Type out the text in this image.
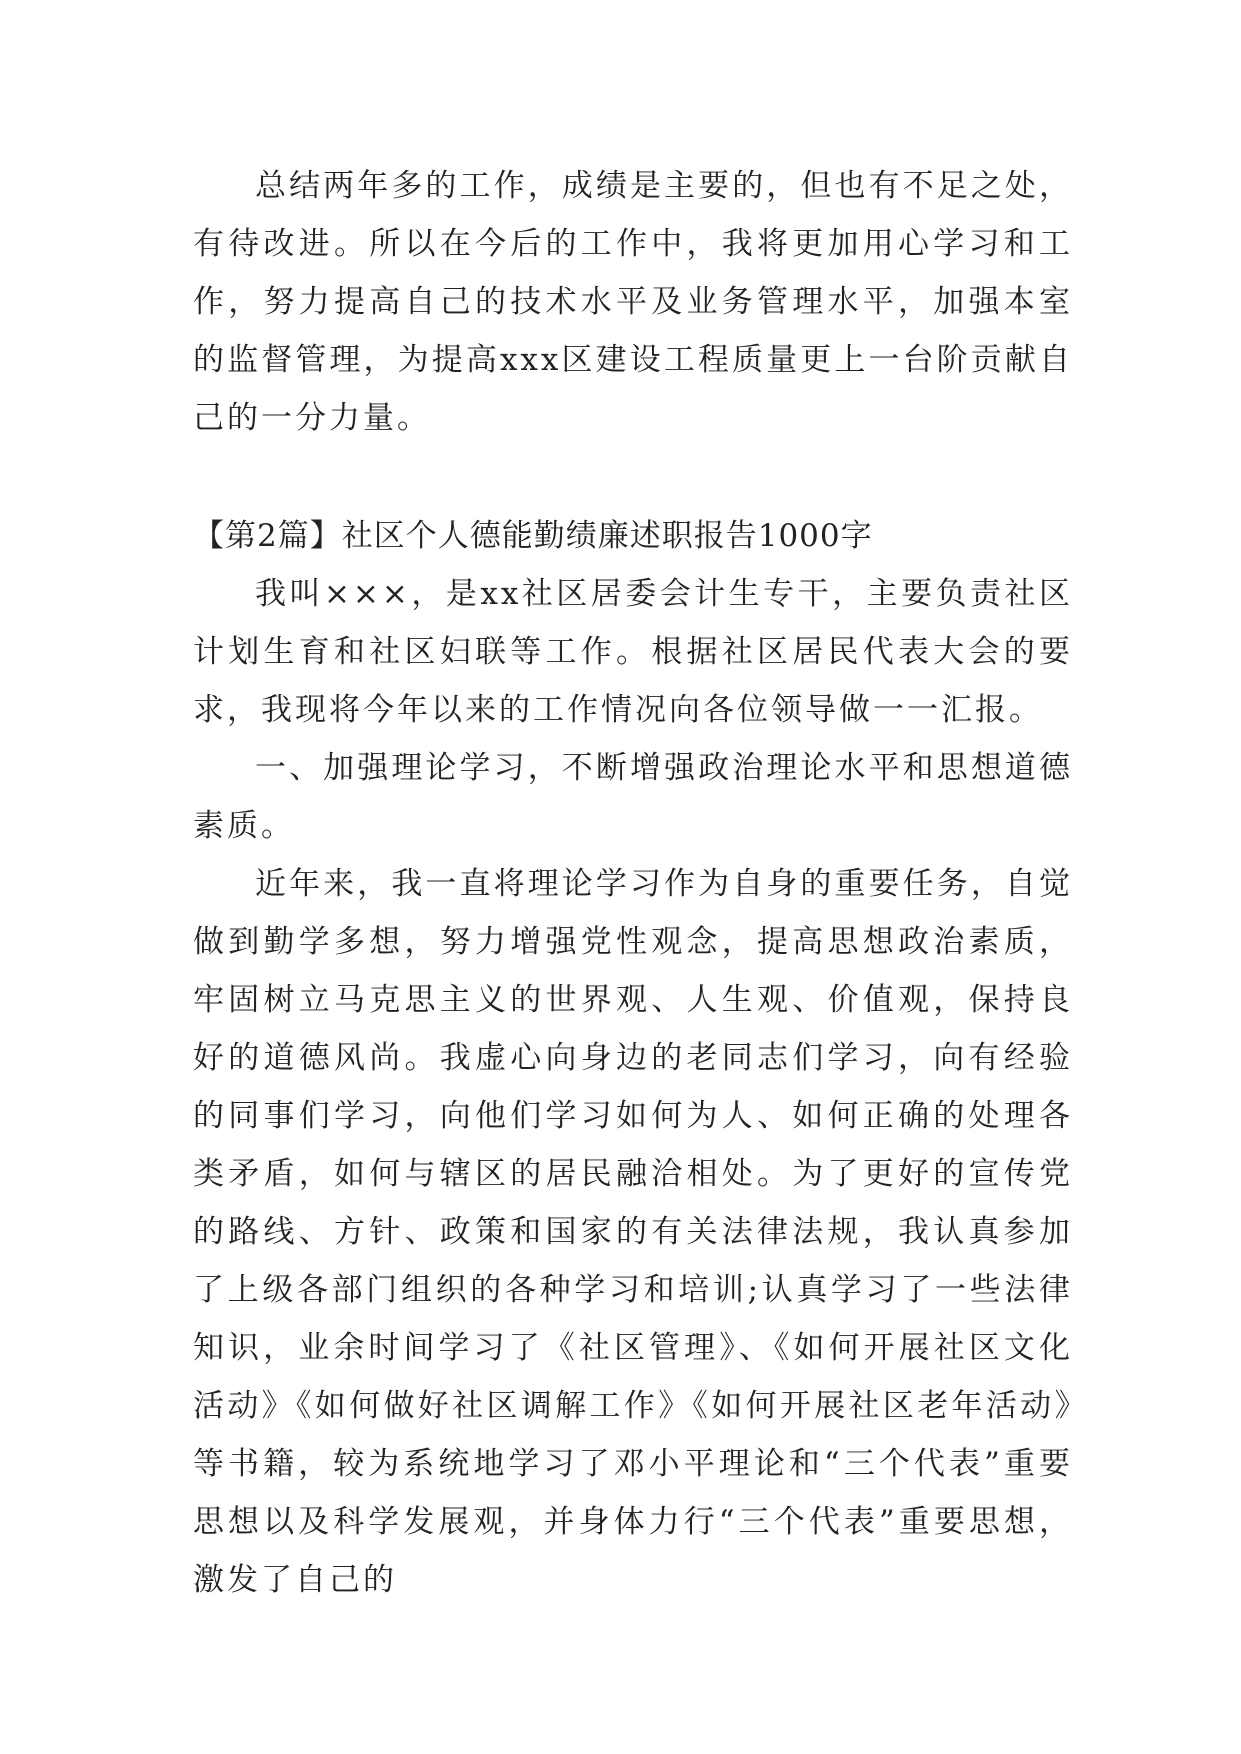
总结两年多的工作，成绩是主要的，但也有不足之处，有待改进。所以在今后的工作中，我将更加用心学习和工作，努力提高自己的技术水平及业务管理水平，加强本室的监督管理，为提高xxx区建设工程质量更上一台阶贡献自己的一分力量。

【第2篇】社区个人德能勤绩廉述职报告1000字

我叫×××，是xx社区居委会计生专干，主要负责社区计划生育和社区妇联等工作。根据社区居民代表大会的要求，我现将今年以来的工作情况向各位领导做一一汇报。

一、加强理论学习，不断增强政治理论水平和思想道德素质。

近年来，我一直将理论学习作为自身的重要任务，自觉做到勤学多想，努力增强党性观念，提高思想政治素质，牢固树立马克思主义的世界观、人生观、价值观，保持良好的道德风尚。我虚心向身边的老同志们学习，向有经验的同事们学习，向他们学习如何为人、如何正确的处理各类矛盾，如何与辖区的居民融洽相处。为了更好的宣传党的路线、方针、政策和国家的有关法律法规，我认真参加了上级各部门组织的各种学习和培训;认真学习了一些法律知识，业余时间学习了《社区管理》、《如何开展社区文化活动》《如何做好社区调解工作》《如何开展社区老年活动》等书籍，较为系统地学习了邓小平理论和“三个代表”重要思想以及科学发展观，并身体力行“三个代表”重要思想，激发了自己的
